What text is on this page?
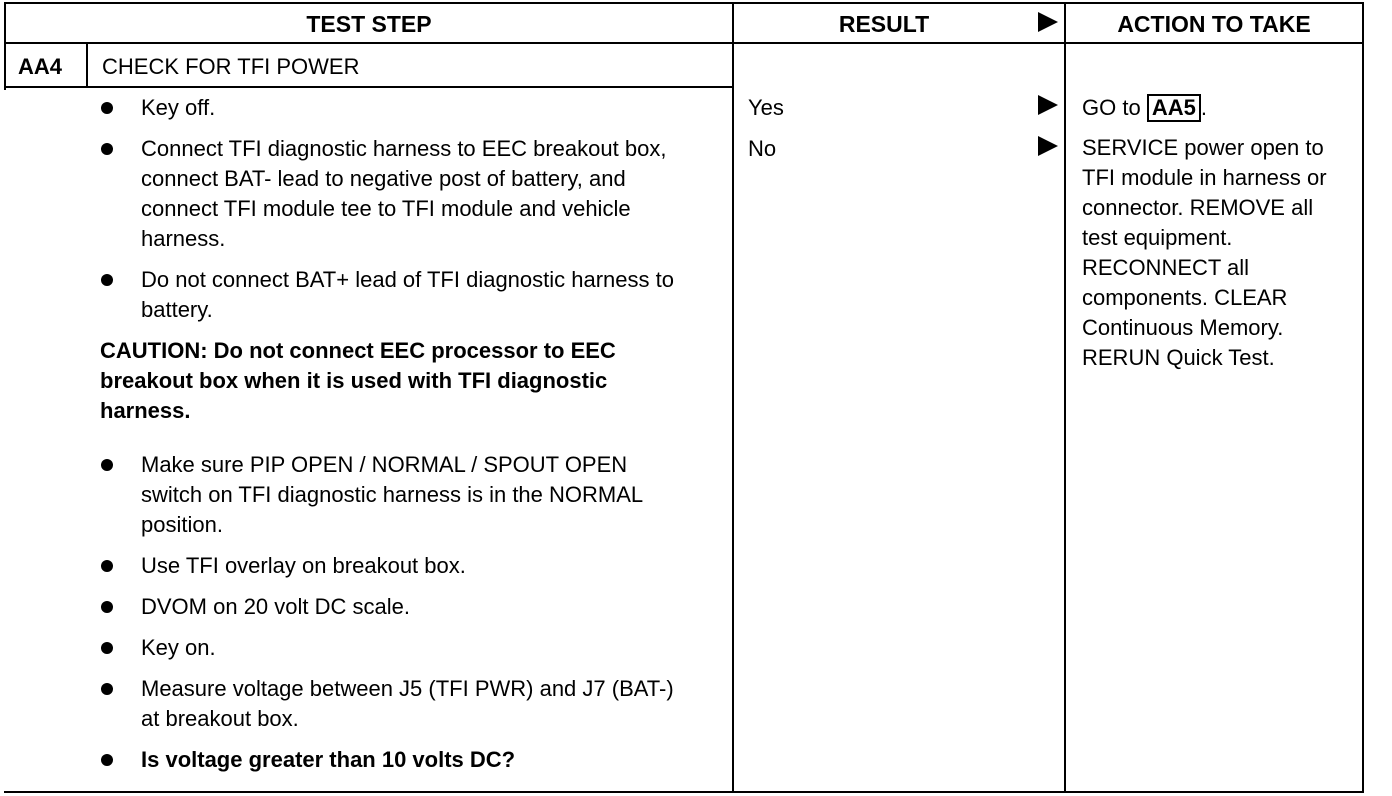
TEST STEP	RESULT	ACTION TO TAKE
AA4 CHECK FOR TFI POWER
Key off.
Connect TFI diagnostic harness to EEC breakout box, connect BAT- lead to negative post of battery, and connect TFI module tee to TFI module and vehicle harness.
Do not connect BAT+ lead of TFI diagnostic harness to battery.
CAUTION: Do not connect EEC processor to EEC breakout box when it is used with TFI diagnostic harness.
Make sure PIP OPEN / NORMAL / SPOUT OPEN switch on TFI diagnostic harness is in the NORMAL position.
Use TFI overlay on breakout box.
DVOM on 20 volt DC scale.
Key on.
Measure voltage between J5 (TFI PWR) and J7 (BAT-) at breakout box.
Is voltage greater than 10 volts DC?
Yes
No
GO to AA5 .
SERVICE power open to TFI module in harness or connector. REMOVE all test equipment. RECONNECT all components. CLEAR Continuous Memory. RERUN Quick Test.
